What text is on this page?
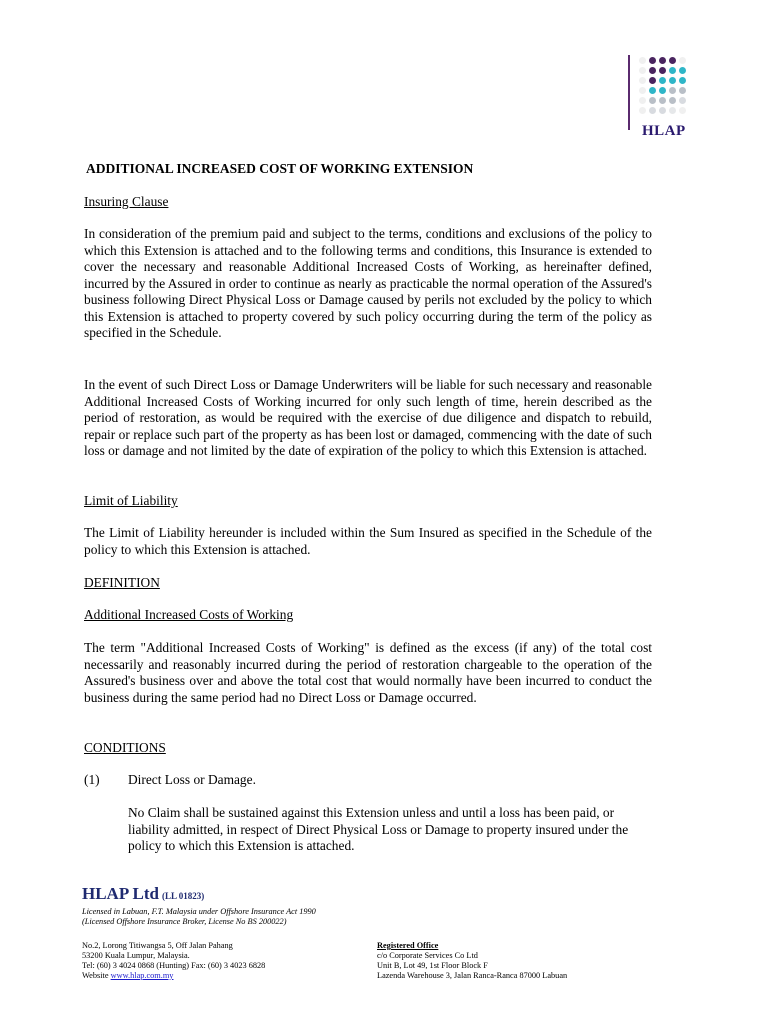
HLAP
ADDITIONAL INCREASED COST OF WORKING EXTENSION
Insuring Clause
In consideration of the premium paid and subject to the terms, conditions and exclusions of the policy to which this Extension is attached and to the following terms and conditions, this Insurance is extended to cover the necessary and reasonable Additional Increased Costs of Working, as hereinafter defined, incurred by the Assured in order to continue as nearly as practicable the normal operation of the Assured's business following Direct Physical Loss or Damage caused by perils not excluded by the policy to which this Extension is attached to property covered by such policy occurring during the term of the policy as specified in the Schedule.
In the event of such Direct Loss or Damage Underwriters will be liable for such necessary and reasonable Additional Increased Costs of Working incurred for only such length of time, herein described as the period of restoration, as would be required with the exercise of due diligence and dispatch to rebuild, repair or replace such part of the property as has been lost or damaged, commencing with the date of such loss or damage and not limited by the date of expiration of the policy to which this Extension is attached.
Limit of Liability
The Limit of Liability hereunder is included within the Sum Insured as specified in the Schedule of the policy to which this Extension is attached.
DEFINITION
Additional Increased Costs of Working
The term "Additional Increased Costs of Working" is defined as the excess (if any) of the total cost necessarily and reasonably incurred during the period of restoration chargeable to the operation of the Assured's business over and above the total cost that would normally have been incurred to conduct the business during the same period had no Direct Loss or Damage occurred.
CONDITIONS
(1) Direct Loss or Damage.
No Claim shall be sustained against this Extension unless and until a loss has been paid, or liability admitted, in respect of Direct Physical Loss or Damage to property insured under the policy to which this Extension is attached.
HLAP Ltd (LL 01823)
Licensed in Labuan, F.T. Malaysia under Offshore Insurance Act 1990
(Licensed Offshore Insurance Broker, License No BS 200022)
No.2, Lorong Titiwangsa 5, Off Jalan Pahang
53200 Kuala Lumpur, Malaysia.
Tel: (60) 3 4024 0868 (Hunting) Fax: (60) 3 4023 6828
Website www.hlap.com.my
Registered Office
c/o Corporate Services Co Ltd
Unit B, Lot 49, 1st Floor Block F
Lazenda Warehouse 3, Jalan Ranca-Ranca 87000 Labuan
